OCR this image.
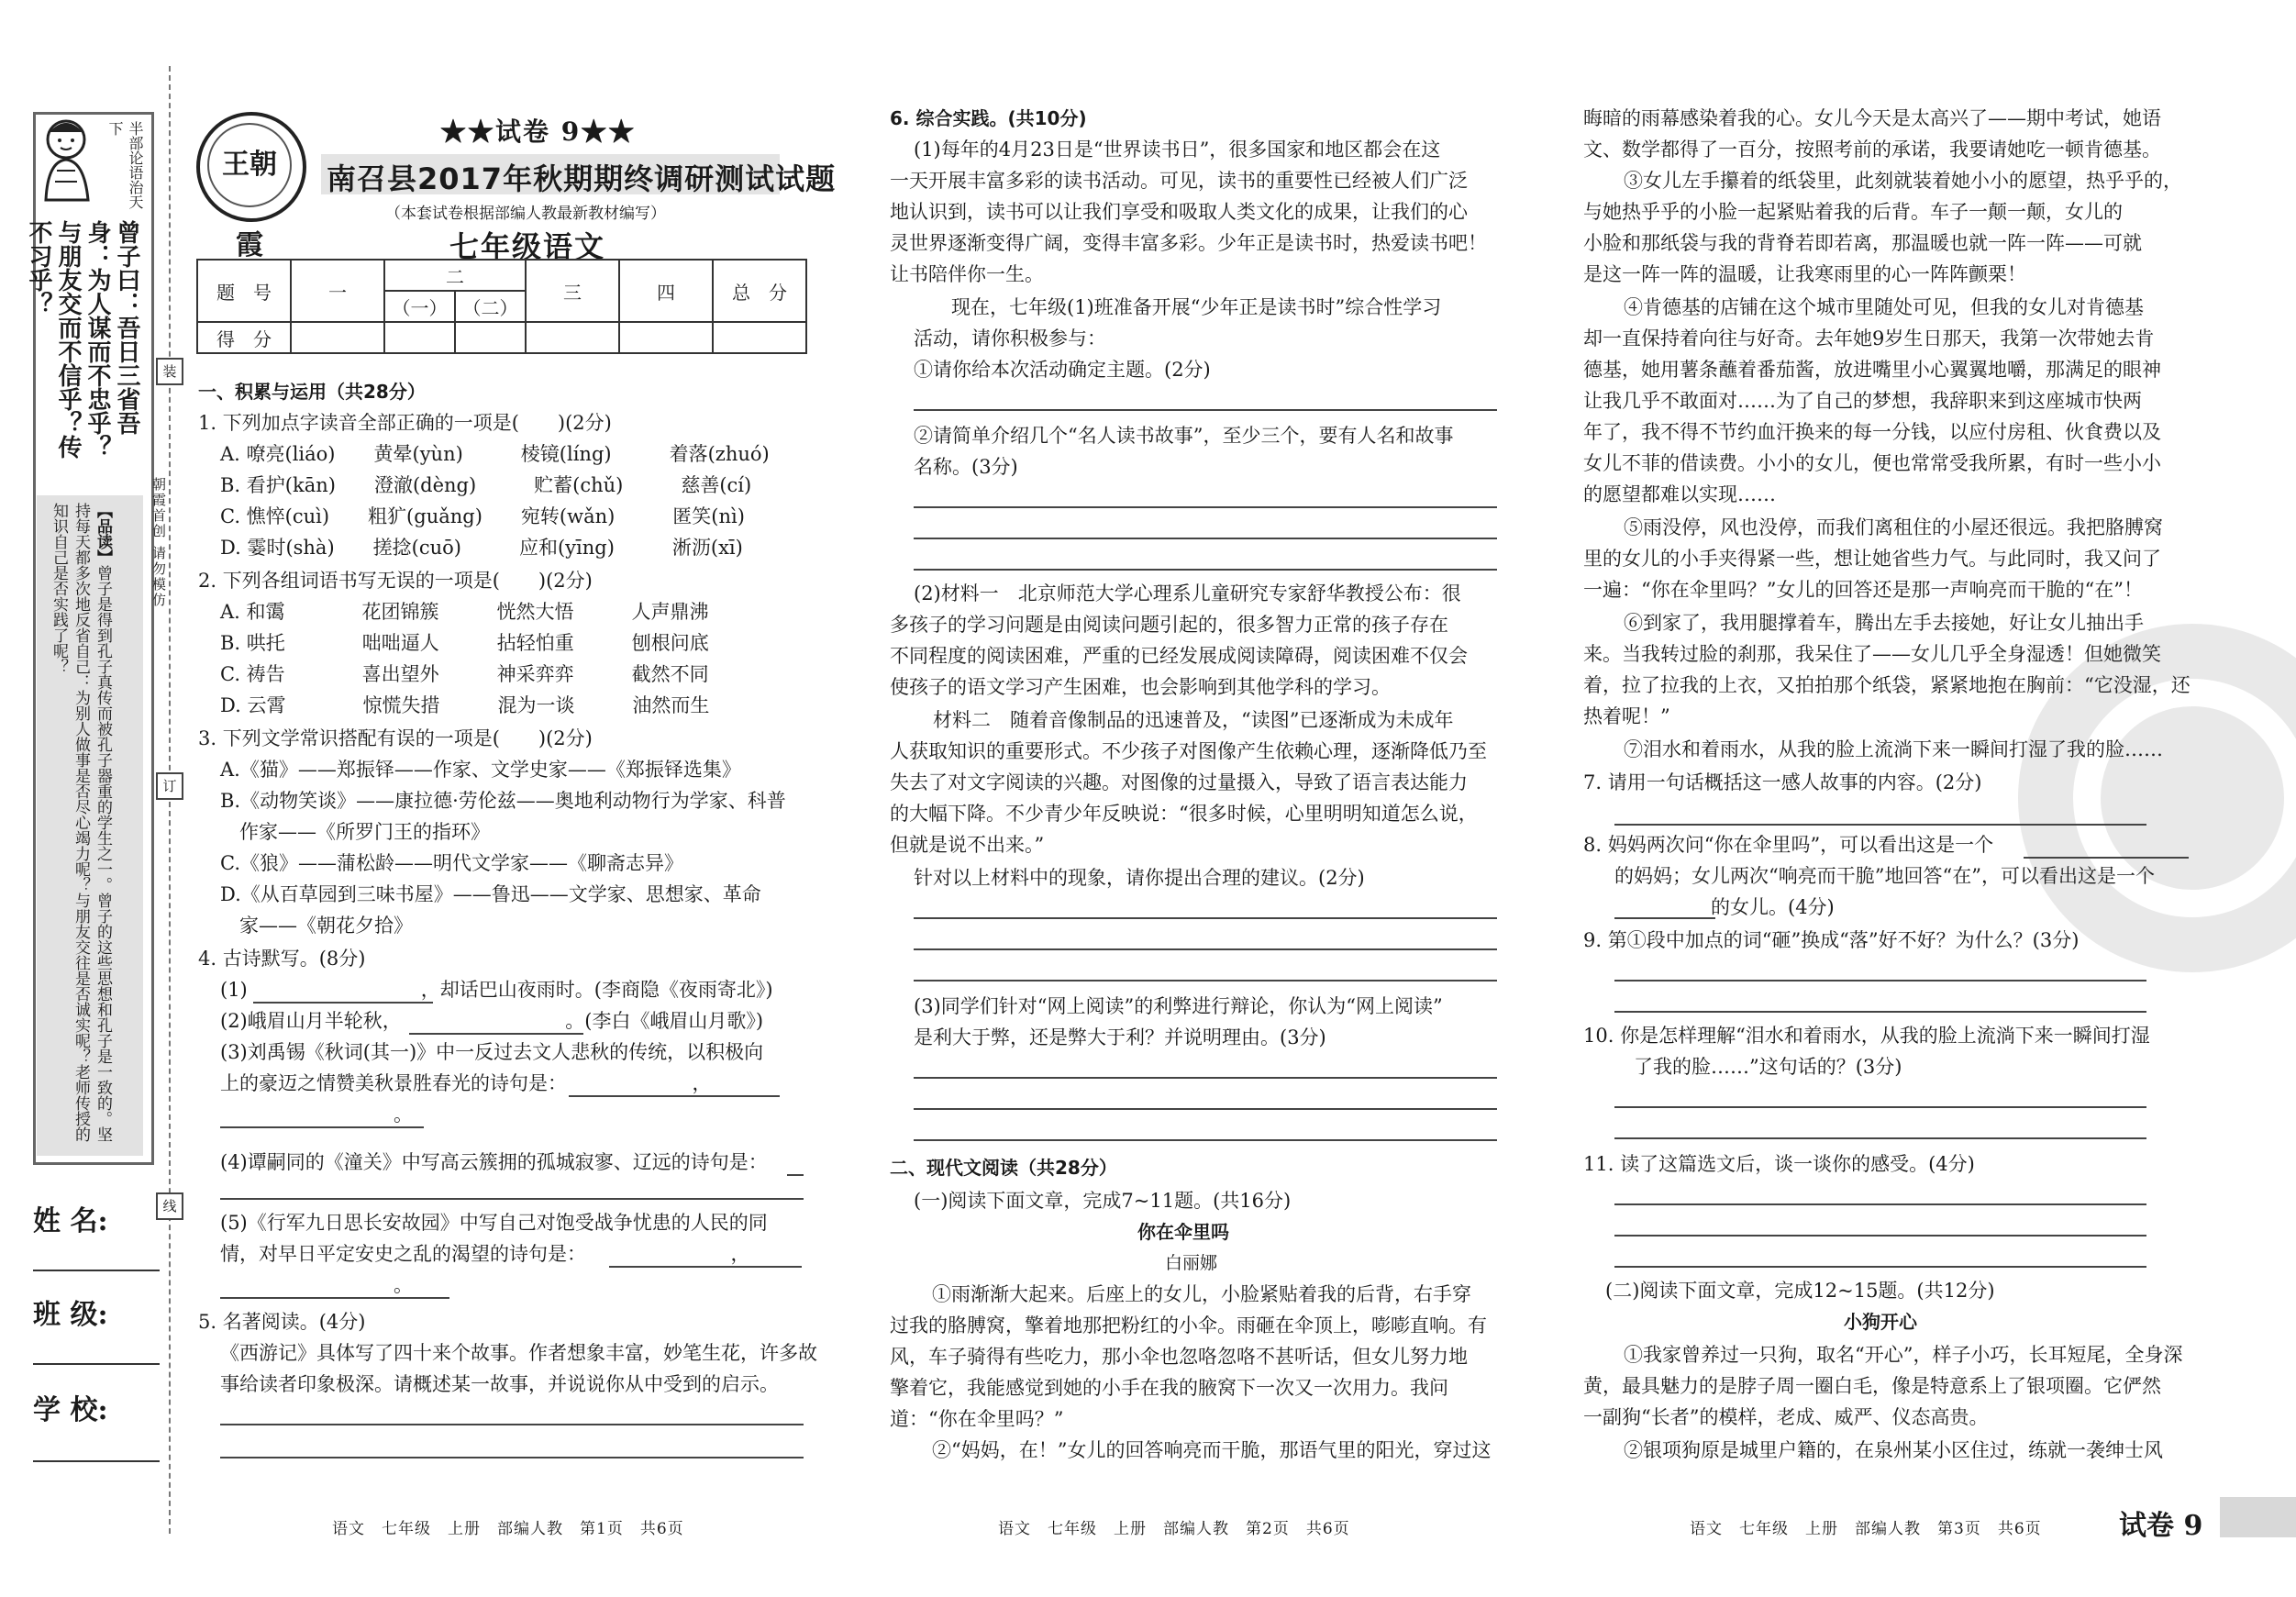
半部论语治天下
曾子曰：吾日三省吾身：为人谋而不忠乎？与朋友交而不信乎？传不习乎？
【品读】曾子是得到孔子真传而被孔子器重的学生之一。曾子的这些思想和孔子是一致的。坚持每天都多次地反省自己：为别人做事是否尽心竭力呢？与朋友交往是否诚实呢？老师传授的知识自己是否实践了呢？	朝霞首创 请勿模仿
装
订
线
姓 名:
班 级:
学 校:
王朝霞
★★试卷 9★★
南召县2017年秋期期终调研测试试题
（本套试卷根据部编人教最新教材编写）
七年级语文
题　号	一	二		三	四	总　分
		（一）	（二）			
得　分						
一、积累与运用（共28分）
1. 下列加点字读音全部正确的一项是(　　)(2分)
A. 嘹亮(liáo)　　黄晕(yùn)　　　棱镜(líng)　　　着落(zhuó)
B. 看护(kān)　　澄澈(dèng)　　　贮蓄(chǔ)　　　慈善(cí)
C. 憔悴(cuì)　　粗犷(guǎng)　　宛转(wǎn)　　　匿笑(nì)
D. 霎时(shà)　　搓捻(cuō)　　　应和(yīng)　　　淅沥(xī)
2. 下列各组词语书写无误的一项是(　　)(2分)
A. 和霭　　　　花团锦簇　　　恍然大悟　　　人声鼎沸
B. 哄托　　　　咄咄逼人　　　拈轻怕重　　　刨根问底
C. 祷告　　　　喜出望外　　　神采弈弈　　　截然不同
D. 云霄　　　　惊慌失措　　　混为一谈　　　油然而生
3. 下列文学常识搭配有误的一项是(　　)(2分)
A.《猫》——郑振铎——作家、文学史家——《郑振铎选集》
B.《动物笑谈》——康拉德·劳伦兹——奥地利动物行为学家、科普
　作家——《所罗门王的指环》
C.《狼》——蒲松龄——明代文学家——《聊斋志异》
D.《从百草园到三味书屋》——鲁迅——文学家、思想家、革命
　家——《朝花夕拾》
4. 古诗默写。(8分)
(1)　　　　　　　　　，却话巴山夜雨时。(李商隐《夜雨寄北》)
(2)峨眉山月半轮秋，　　　　　　　　　。(李白《峨眉山月歌》)
(3)刘禹锡《秋词(其一)》中一反过去文人悲秋的传统，以积极向
上的豪迈之情赞美秋景胜春光的诗句是：　　　　　　　，
　　　　　　　　　。
(4)谭嗣同的《潼关》中写高云簇拥的孤城寂寥、辽远的诗句是：
(5)《行军九日思长安故园》中写自己对饱受战争忧患的人民的同
情，对早日平定安史之乱的渴望的诗句是：　　　　　　　　，
　　　　　　　　　。
5. 名著阅读。(4分)
《西游记》具体写了四十来个故事。作者想象丰富，妙笔生花，许多故
事给读者印象极深。请概述某一故事，并说说你从中受到的启示。
6. 综合实践。(共10分)
(1)每年的4月23日是“世界读书日”，很多国家和地区都会在这
一天开展丰富多彩的读书活动。可见，读书的重要性已经被人们广泛
地认识到，读书可以让我们享受和吸取人类文化的成果，让我们的心
灵世界逐渐变得广阔，变得丰富多彩。少年正是读书时，热爱读书吧！
让书陪伴你一生。
　现在，七年级(1)班准备开展“少年正是读书时”综合性学习
活动，请你积极参与：
①请你给本次活动确定主题。(2分)
②请简单介绍几个“名人读书故事”，至少三个，要有人名和故事
名称。(3分)
(2)材料一　北京师范大学心理系儿童研究专家舒华教授公布：很
多孩子的学习问题是由阅读问题引起的，很多智力正常的孩子存在
不同程度的阅读困难，严重的已经发展成阅读障碍，阅读困难不仅会
使孩子的语文学习产生困难，也会影响到其他学科的学习。
　材料二　随着音像制品的迅速普及，“读图”已逐渐成为未成年
人获取知识的重要形式。不少孩子对图像产生依赖心理，逐渐降低乃至
失去了对文字阅读的兴趣。对图像的过量摄入，导致了语言表达能力
的大幅下降。不少青少年反映说：“很多时候，心里明明知道怎么说，
但就是说不出来。”
针对以上材料中的现象，请你提出合理的建议。(2分)
(3)同学们针对“网上阅读”的利弊进行辩论，你认为“网上阅读”
是利大于弊，还是弊大于利？并说明理由。(3分)
二、现代文阅读（共28分）
(一)阅读下面文章，完成7~11题。(共16分)
你在伞里吗
白丽娜
①雨渐渐大起来。后座上的女儿，小脸紧贴着我的后背，右手穿
过我的胳膊窝，擎着地那把粉红的小伞。雨砸在伞顶上，嘭嘭直响。有
风，车子骑得有些吃力，那小伞也忽咯忽咯不甚听话，但女儿努力地
擎着它，我能感觉到她的小手在我的腋窝下一次又一次用力。我问
道：“你在伞里吗？”
②“妈妈，在！”女儿的回答响亮而干脆，那语气里的阳光，穿过这
晦暗的雨幕感染着我的心。女儿今天是太高兴了——期中考试，她语
文、数学都得了一百分，按照考前的承诺，我要请她吃一顿肯德基。
③女儿左手攥着的纸袋里，此刻就装着她小小的愿望，热乎乎的，
与她热乎乎的小脸一起紧贴着我的后背。车子一颠一颠，女儿的
小脸和那纸袋与我的背脊若即若离，那温暖也就一阵一阵——可就
是这一阵一阵的温暖，让我寒雨里的心一阵阵颤栗！
④肯德基的店铺在这个城市里随处可见，但我的女儿对肯德基
却一直保持着向往与好奇。去年她9岁生日那天，我第一次带她去肯
德基，她用薯条蘸着番茄酱，放进嘴里小心翼翼地嚼，那满足的眼神
让我几乎不敢面对……为了自己的梦想，我辞职来到这座城市快两
年了，我不得不节约血汗换来的每一分钱，以应付房租、伙食费以及
女儿不菲的借读费。小小的女儿，便也常常受我所累，有时一些小小
的愿望都难以实现……
⑤雨没停，风也没停，而我们离租住的小屋还很远。我把胳膊窝
里的女儿的小手夹得紧一些，想让她省些力气。与此同时，我又问了
一遍：“你在伞里吗？”女儿的回答还是那一声响亮而干脆的“在”！
⑥到家了，我用腿撑着车，腾出左手去接她，好让女儿抽出手
来。当我转过脸的刹那，我呆住了——女儿几乎全身湿透！但她微笑
着，拉了拉我的上衣，又拍拍那个纸袋，紧紧地抱在胸前：“它没湿，还
热着呢！”
⑦泪水和着雨水，从我的脸上流淌下来一瞬间打湿了我的脸……
7. 请用一句话概括这一感人故事的内容。(2分)
8. 妈妈两次问“你在伞里吗”，可以看出这是一个
的妈妈；女儿两次“响亮而干脆”地回答“在”，可以看出这是一个
　　　　　的女儿。(4分)
9. 第①段中加点的词“砸”换成“落”好不好？为什么？(3分)
10. 你是怎样理解“泪水和着雨水，从我的脸上流淌下来一瞬间打湿
　了我的脸……”这句话的？(3分)
11. 读了这篇选文后，谈一谈你的感受。(4分)
(二)阅读下面文章，完成12~15题。(共12分)
小狗开心
①我家曾养过一只狗，取名“开心”，样子小巧，长耳短尾，全身深
黄，最具魅力的是脖子周一圈白毛，像是特意系上了银项圈。它俨然
一副狗“长者”的模样，老成、威严、仪态高贵。
②银项狗原是城里户籍的，在泉州某小区住过，练就一袭绅士风
语文　七年级　上册　部编人教　第1页　共6页	语文　七年级　上册　部编人教　第2页　共6页	语文　七年级　上册　部编人教　第3页　共6页	试卷 9
